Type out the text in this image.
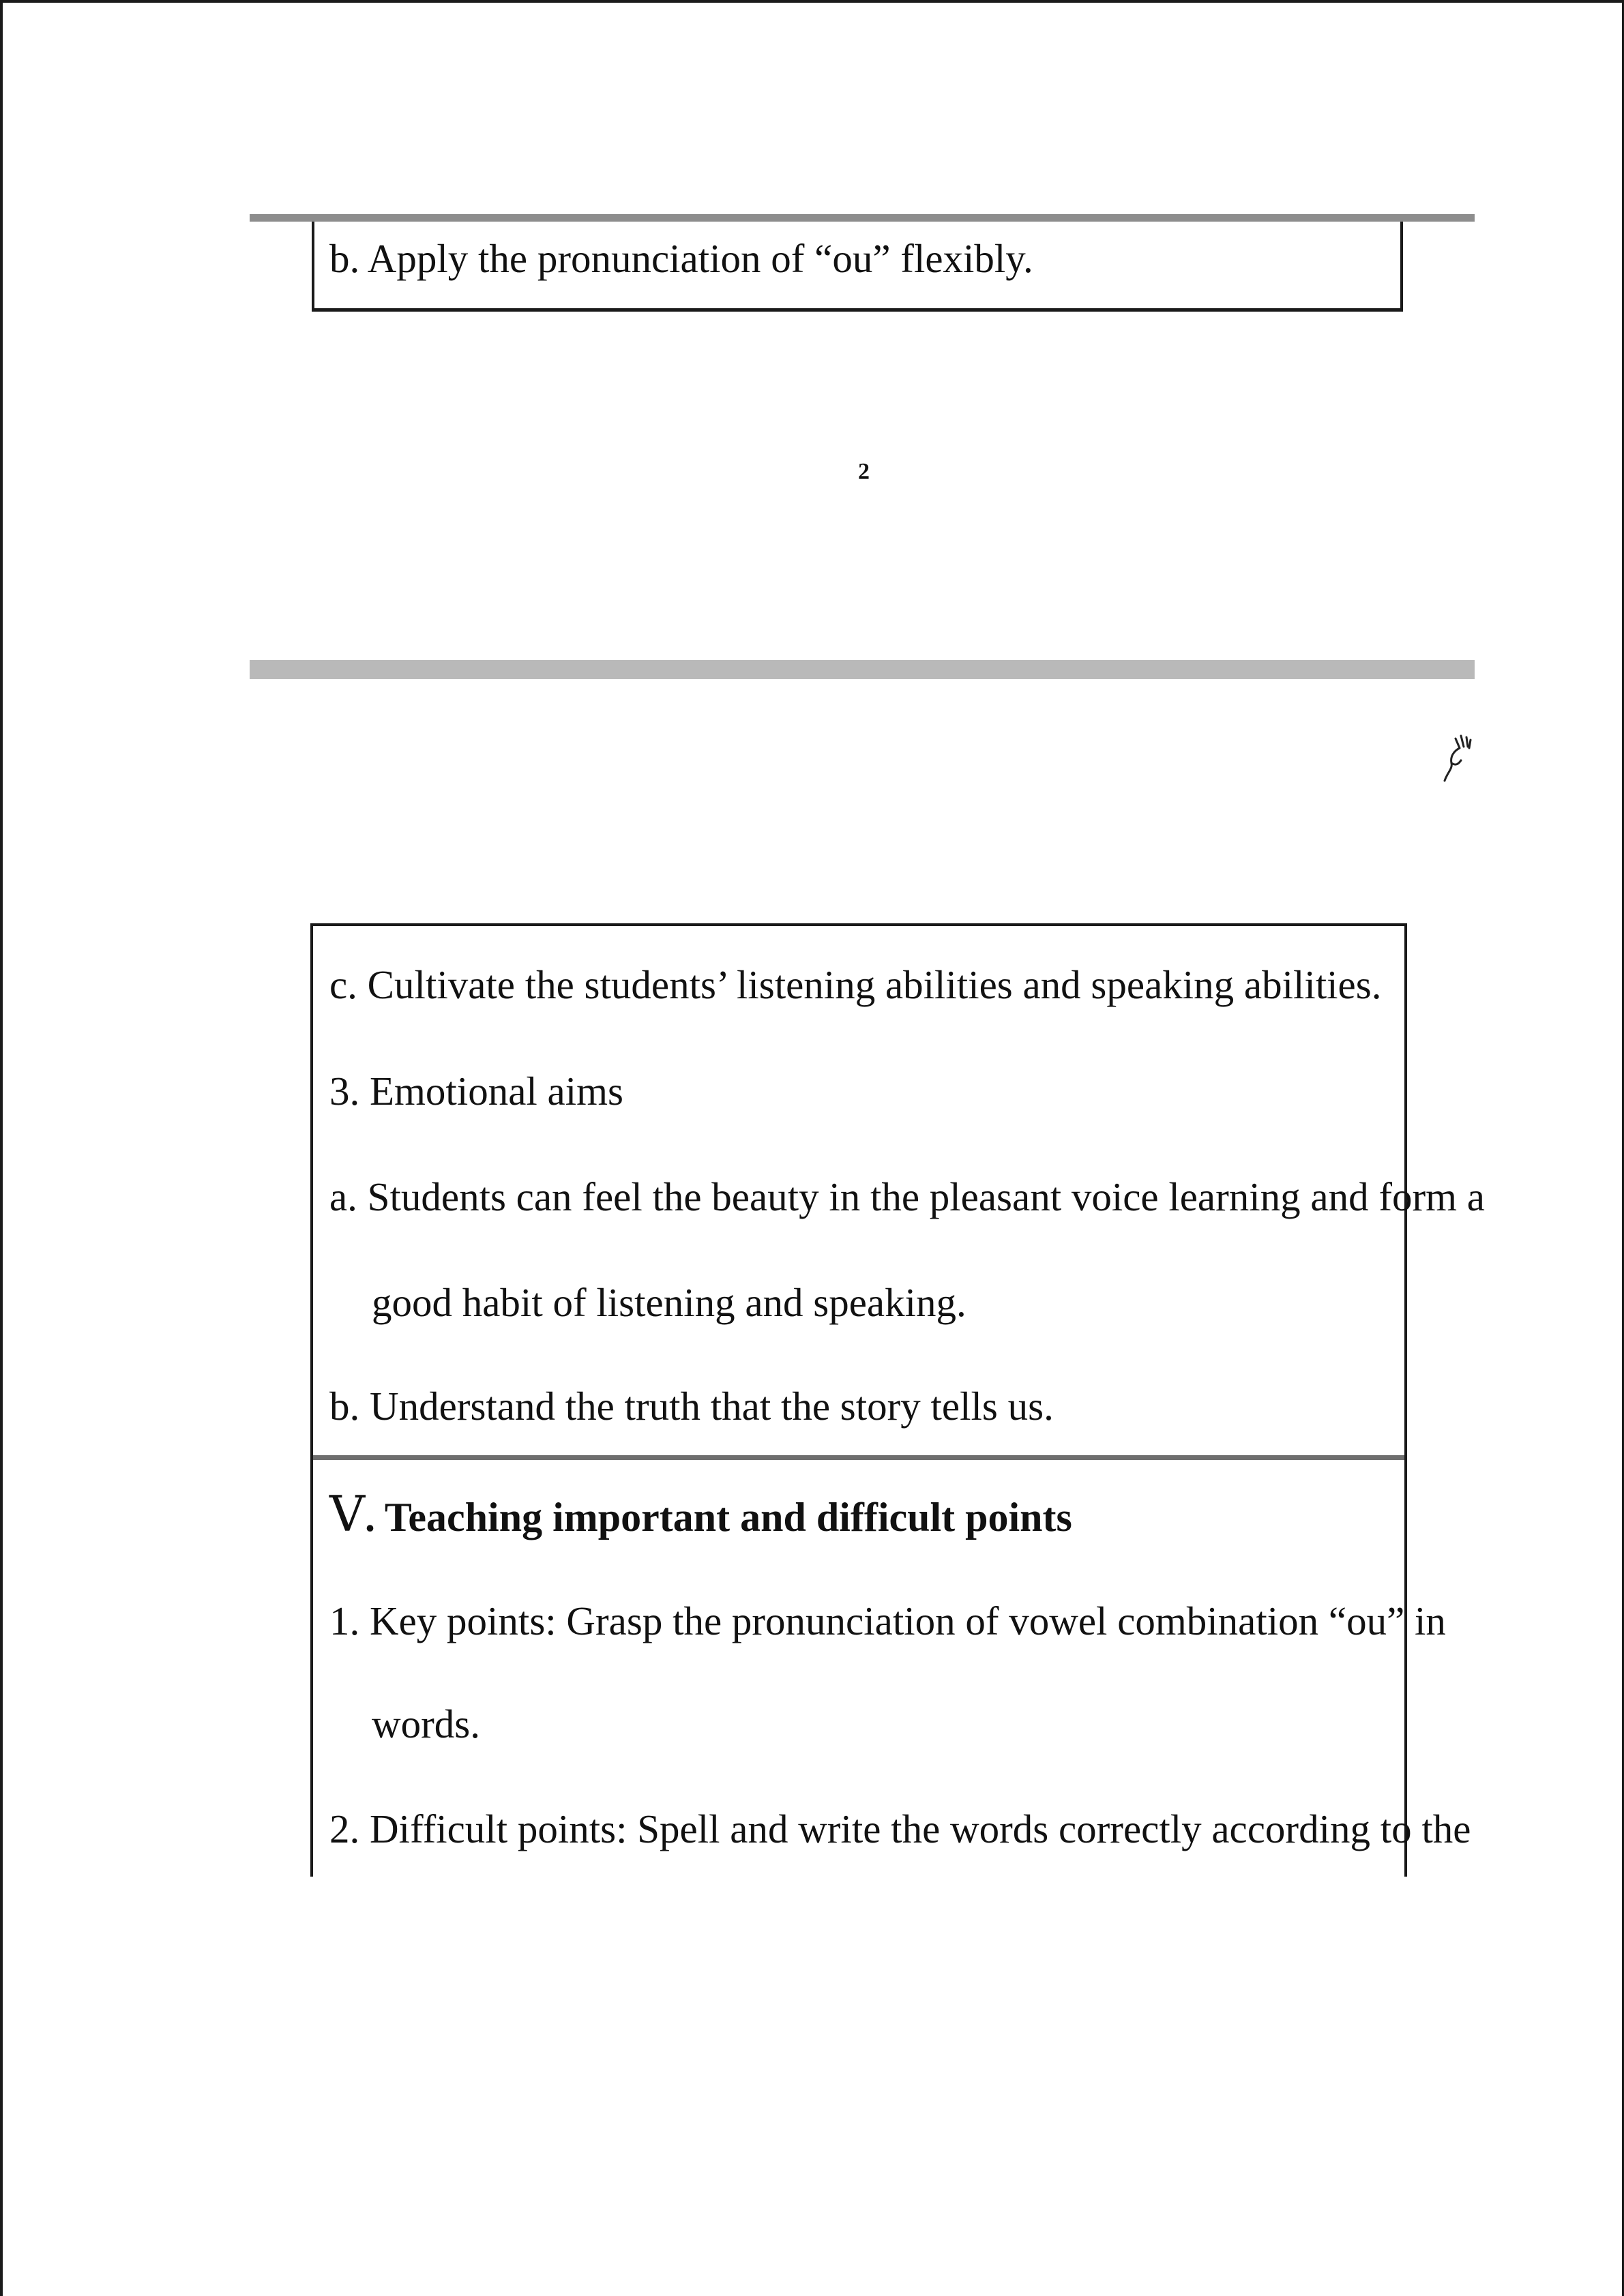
b. Apply the pronunciation of “ou” flexibly.
2
c. Cultivate the students’ listening abilities and speaking abilities.
3. Emotional aims
a. Students can feel the beauty in the pleasant voice learning and form a
good habit of listening and speaking.
b. Understand the truth that the story tells us.
Ⅴ. Teaching important and difficult points
1. Key points: Grasp the pronunciation of vowel combination “ou” in
words.
2. Difficult points: Spell and write the words correctly according to the
